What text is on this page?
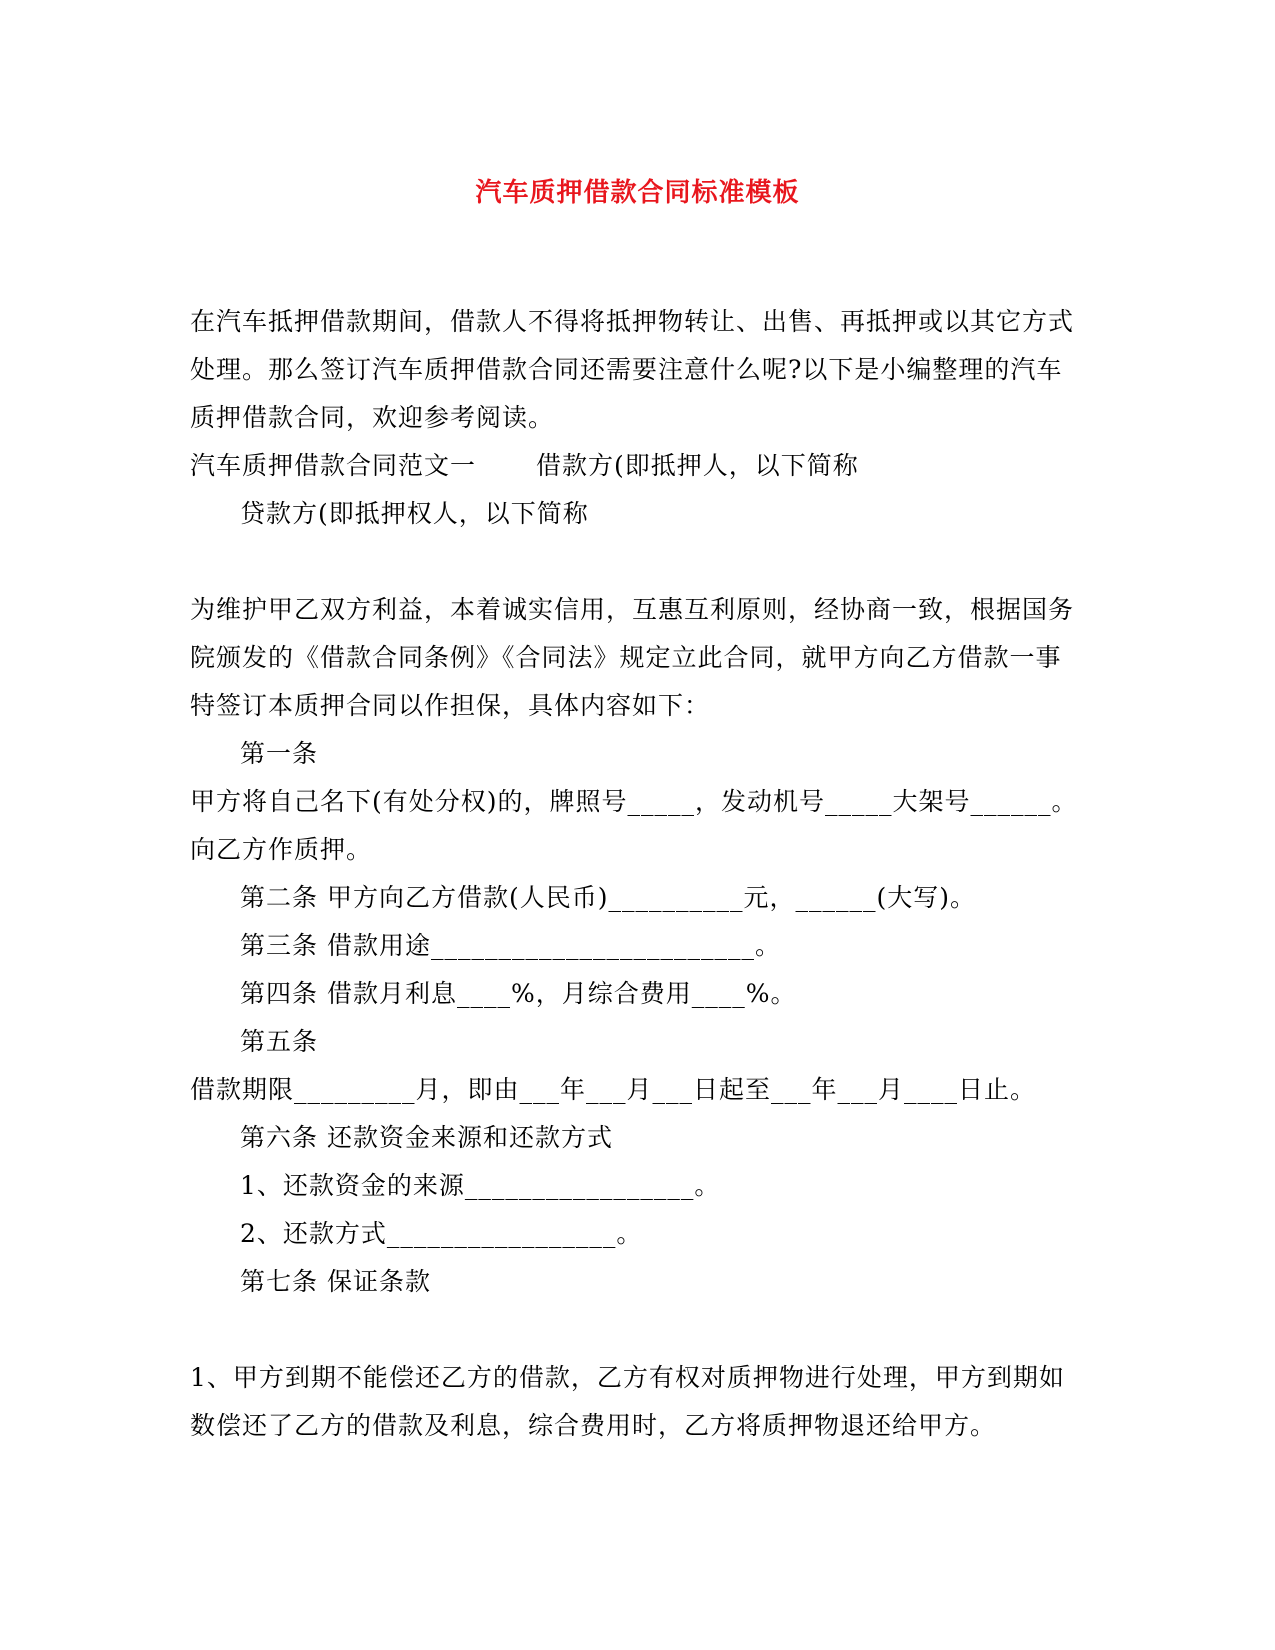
汽车质押借款合同标准模板

在汽车抵押借款期间，借款人不得将抵押物转让、出售、再抵押或以其它方式处理。那么签订汽车质押借款合同还需要注意什么呢?以下是小编整理的汽车质押借款合同，欢迎参考阅读。

汽车质押借款合同范文一 借款方(即抵押人，以下简称

贷款方(即抵押权人，以下简称

为维护甲乙双方利益，本着诚实信用，互惠互利原则，经协商一致，根据国务院颁发的《借款合同条例》《合同法》规定立此合同，就甲方向乙方借款一事特签订本质押合同以作担保，具体内容如下：

第一条

甲方将自己名下(有处分权)的，牌照号_____，发动机号_____大架号______。向乙方作质押。

第二条 甲方向乙方借款(人民币)__________元，______(大写)。

第三条 借款用途________________________。

第四条 借款月利息____%，月综合费用____%。

第五条

借款期限_________月，即由___年___月___日起至___年___月____日止。

第六条 还款资金来源和还款方式

1、还款资金的来源_________________。

2、还款方式_________________。

第七条 保证条款

1、甲方到期不能偿还乙方的借款，乙方有权对质押物进行处理，甲方到期如数偿还了乙方的借款及利息，综合费用时，乙方将质押物退还给甲方。
